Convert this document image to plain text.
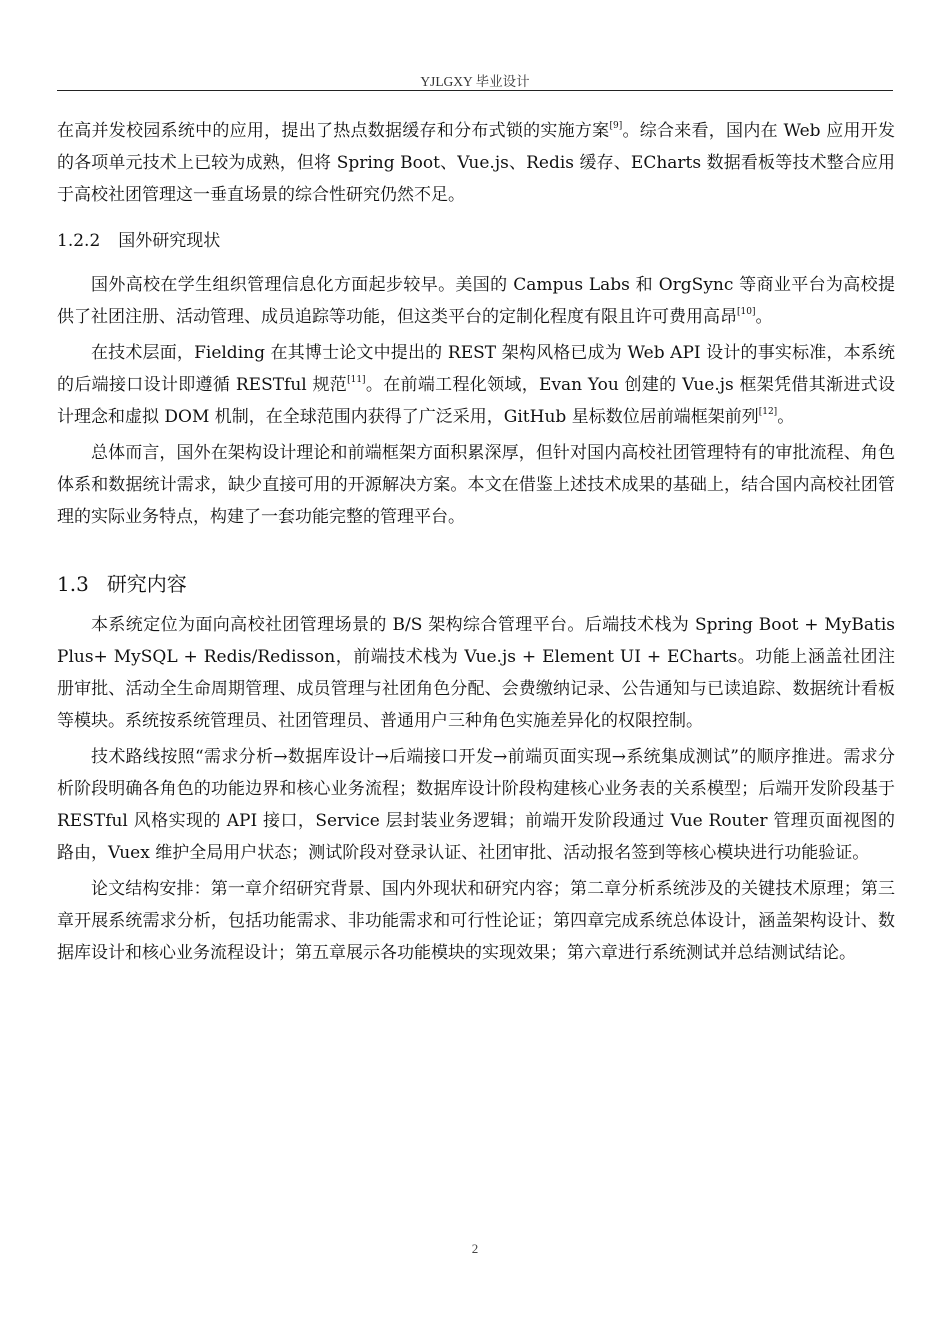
YJLGXY 毕业设计

在高并发校园系统中的应用，提出了热点数据缓存和分布式锁的实施方案[9]。综合来看，国内在 Web 应用开发的各项单元技术上已较为成熟，但将 Spring Boot、Vue.js、Redis 缓存、ECharts 数据看板等技术整合应用于高校社团管理这一垂直场景的综合性研究仍然不足。

1.2.2 国外研究现状

国外高校在学生组织管理信息化方面起步较早。美国的 Campus Labs 和 OrgSync 等商业平台为高校提供了社团注册、活动管理、成员追踪等功能，但这类平台的定制化程度有限且许可费用高昂[10]。

在技术层面，Fielding 在其博士论文中提出的 REST 架构风格已成为 Web API 设计的事实标准，本系统的后端接口设计即遵循 RESTful 规范[11]。在前端工程化领域，Evan You 创建的 Vue.js 框架凭借其渐进式设计理念和虚拟 DOM 机制，在全球范围内获得了广泛采用，GitHub 星标数位居前端框架前列[12]。

总体而言，国外在架构设计理论和前端框架方面积累深厚，但针对国内高校社团管理特有的审批流程、角色体系和数据统计需求，缺少直接可用的开源解决方案。本文在借鉴上述技术成果的基础上，结合国内高校社团管理的实际业务特点，构建了一套功能完整的管理平台。

1.3 研究内容

本系统定位为面向高校社团管理场景的 B/S 架构综合管理平台。后端技术栈为 Spring Boot + MyBatis Plus+ MySQL + Redis/Redisson，前端技术栈为 Vue.js + Element UI + ECharts。功能上涵盖社团注册审批、活动全生命周期管理、成员管理与社团角色分配、会费缴纳记录、公告通知与已读追踪、数据统计看板等模块。系统按系统管理员、社团管理员、普通用户三种角色实施差异化的权限控制。

技术路线按照“需求分析→数据库设计→后端接口开发→前端页面实现→系统集成测试”的顺序推进。需求分析阶段明确各角色的功能边界和核心业务流程；数据库设计阶段构建核心业务表的关系模型；后端开发阶段基于 RESTful 风格实现的 API 接口，Service 层封装业务逻辑；前端开发阶段通过 Vue Router 管理页面视图的路由，Vuex 维护全局用户状态；测试阶段对登录认证、社团审批、活动报名签到等核心模块进行功能验证。

论文结构安排：第一章介绍研究背景、国内外现状和研究内容；第二章分析系统涉及的关键技术原理；第三章开展系统需求分析，包括功能需求、非功能需求和可行性论证；第四章完成系统总体设计，涵盖架构设计、数据库设计和核心业务流程设计；第五章展示各功能模块的实现效果；第六章进行系统测试并总结测试结论。

2
